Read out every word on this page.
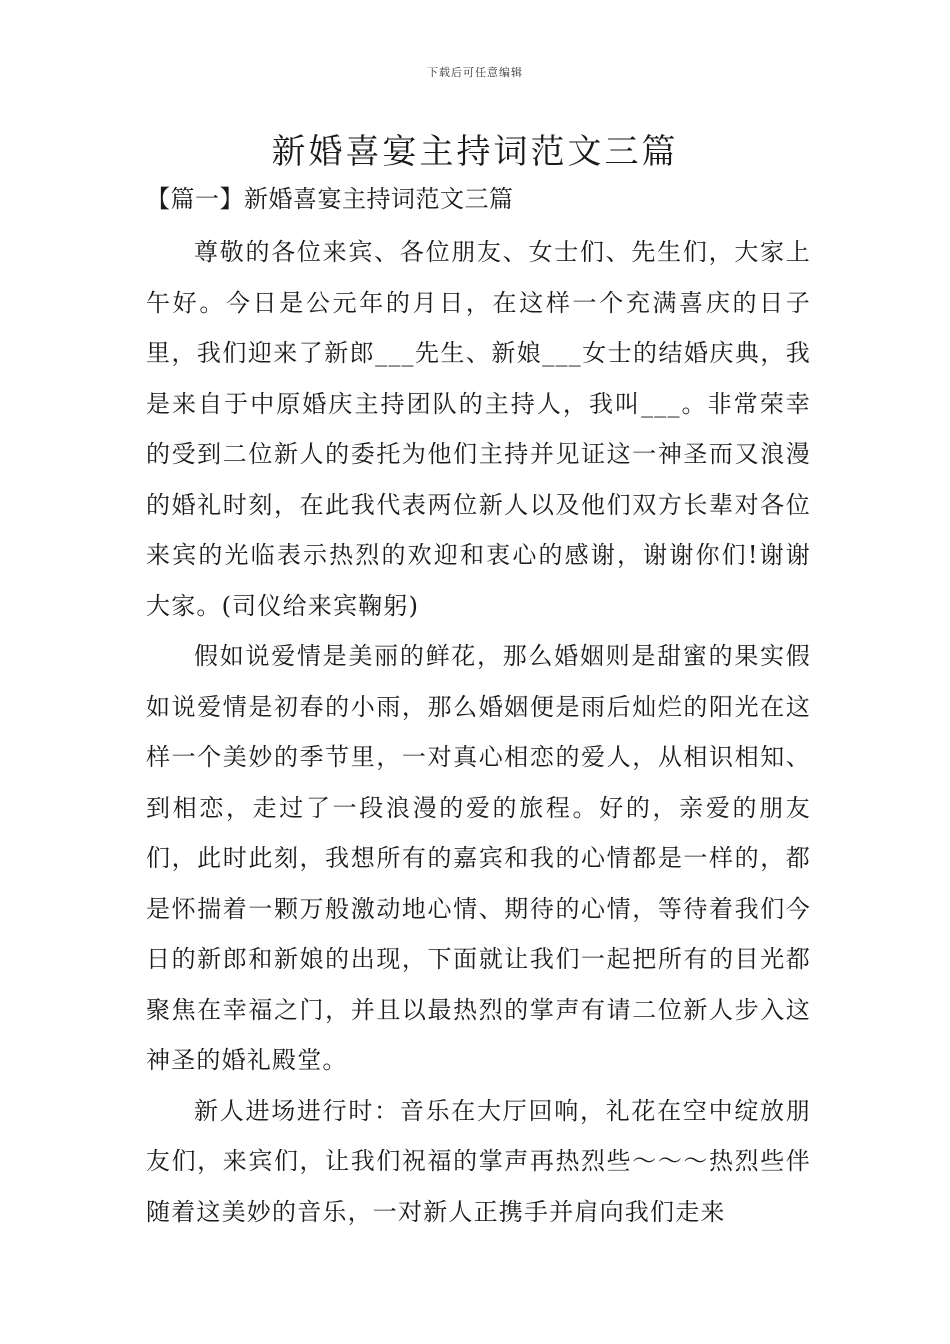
下载后可任意编辑
新婚喜宴主持词范文三篇
【篇一】新婚喜宴主持词范文三篇

尊敬的各位来宾、各位朋友、女士们、先生们，大家上午好。今日是公元年的月日，在这样一个充满喜庆的日子里，我们迎来了新郎___先生、新娘___女士的结婚庆典，我是来自于中原婚庆主持团队的主持人，我叫___。非常荣幸的受到二位新人的委托为他们主持并见证这一神圣而又浪漫的婚礼时刻，在此我代表两位新人以及他们双方长辈对各位来宾的光临表示热烈的欢迎和衷心的感谢，谢谢你们!谢谢大家。(司仪给来宾鞠躬)

假如说爱情是美丽的鲜花，那么婚姻则是甜蜜的果实假如说爱情是初春的小雨，那么婚姻便是雨后灿烂的阳光在这样一个美妙的季节里，一对真心相恋的爱人，从相识相知、到相恋，走过了一段浪漫的爱的旅程。好的，亲爱的朋友们，此时此刻，我想所有的嘉宾和我的心情都是一样的，都是怀揣着一颗万般激动地心情、期待的心情，等待着我们今日的新郎和新娘的出现，下面就让我们一起把所有的目光都聚焦在幸福之门，并且以最热烈的掌声有请二位新人步入这神圣的婚礼殿堂。

新人进场进行时：音乐在大厅回响，礼花在空中绽放朋友们，来宾们，让我们祝福的掌声再热烈些～～～热烈些伴随着这美妙的音乐，一对新人正携手并肩向我们走来
